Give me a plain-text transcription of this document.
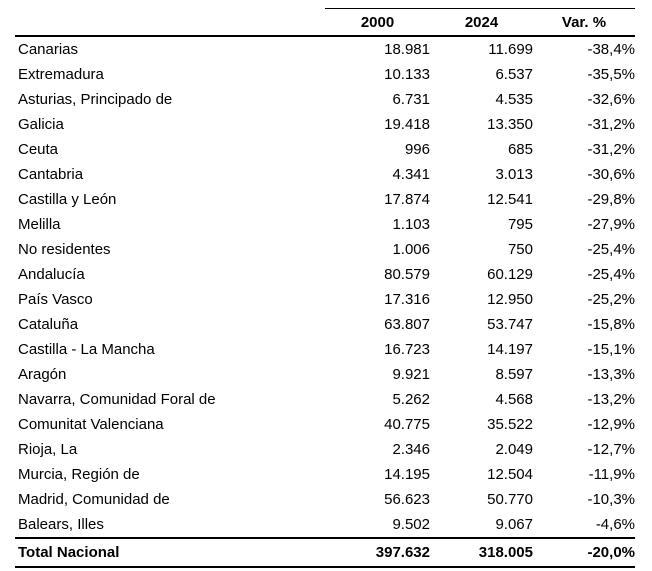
	2000	2024	Var. %
Canarias	18.981	11.699	-38,4%
Extremadura	10.133	6.537	-35,5%
Asturias, Principado de	6.731	4.535	-32,6%
Galicia	19.418	13.350	-31,2%
Ceuta	996	685	-31,2%
Cantabria	4.341	3.013	-30,6%
Castilla y León	17.874	12.541	-29,8%
Melilla	1.103	795	-27,9%
No residentes	1.006	750	-25,4%
Andalucía	80.579	60.129	-25,4%
País Vasco	17.316	12.950	-25,2%
Cataluña	63.807	53.747	-15,8%
Castilla - La Mancha	16.723	14.197	-15,1%
Aragón	9.921	8.597	-13,3%
Navarra, Comunidad Foral de	5.262	4.568	-13,2%
Comunitat Valenciana	40.775	35.522	-12,9%
Rioja, La	2.346	2.049	-12,7%
Murcia, Región de	14.195	12.504	-11,9%
Madrid, Comunidad de	56.623	50.770	-10,3%
Balears, Illes	9.502	9.067	-4,6%
Total Nacional	397.632	318.005	-20,0%
